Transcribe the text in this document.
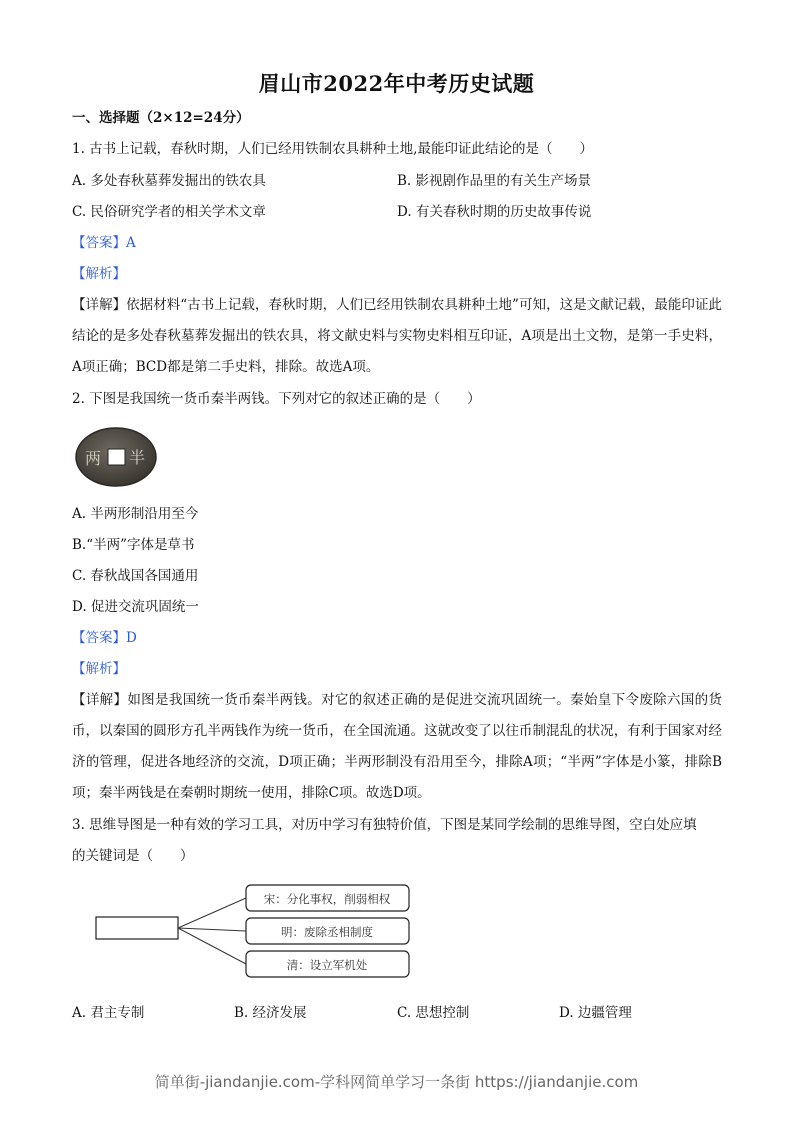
眉山市2022年中考历史试题
一、选择题（2×12=24分）
1. 古书上记载，春秋时期，人们已经用铁制农具耕种土地,最能印证此结论的是（　　）
A. 多处春秋墓葬发掘出的铁农具	B. 影视剧作品里的有关生产场景
C. 民俗研究学者的相关学术文章	D. 有关春秋时期的历史故事传说
【答案】A
【解析】
【详解】依据材料“古书上记载，春秋时期，人们已经用铁制农具耕种土地”可知，这是文献记载，最能印证此结论的是多处春秋墓葬发掘出的铁农具，将文献史料与实物史料相互印证，A项是出土文物，是第一手史料，A项正确；BCD都是第二手史料，排除。故选A项。
2. 下图是我国统一货币秦半两钱。下列对它的叙述正确的是（　　）
两 半
A. 半两形制沿用至今
B.“半两”字体是草书
C. 春秋战国各国通用
D. 促进交流巩固统一
【答案】D
【解析】
【详解】如图是我国统一货币秦半两钱。对它的叙述正确的是促进交流巩固统一。秦始皇下令废除六国的货币，以秦国的圆形方孔半两钱作为统一货币，在全国流通。这就改变了以往币制混乱的状况，有利于国家对经济的管理，促进各地经济的交流，D项正确；半两形制没有沿用至今，排除A项；“半两”字体是小篆，排除B项；秦半两钱是在秦朝时期统一使用，排除C项。故选D项。
3. 思维导图是一种有效的学习工具，对历中学习有独特价值，下图是某同学绘制的思维导图，空白处应填
的关键词是（　　）
宋：分化事权，削弱相权
明：废除丞相制度
清：设立军机处
A. 君主专制	B. 经济发展	C. 思想控制	D. 边疆管理
简单街-jiandanjie.com-学科网简单学习一条街 https://jiandanjie.com
